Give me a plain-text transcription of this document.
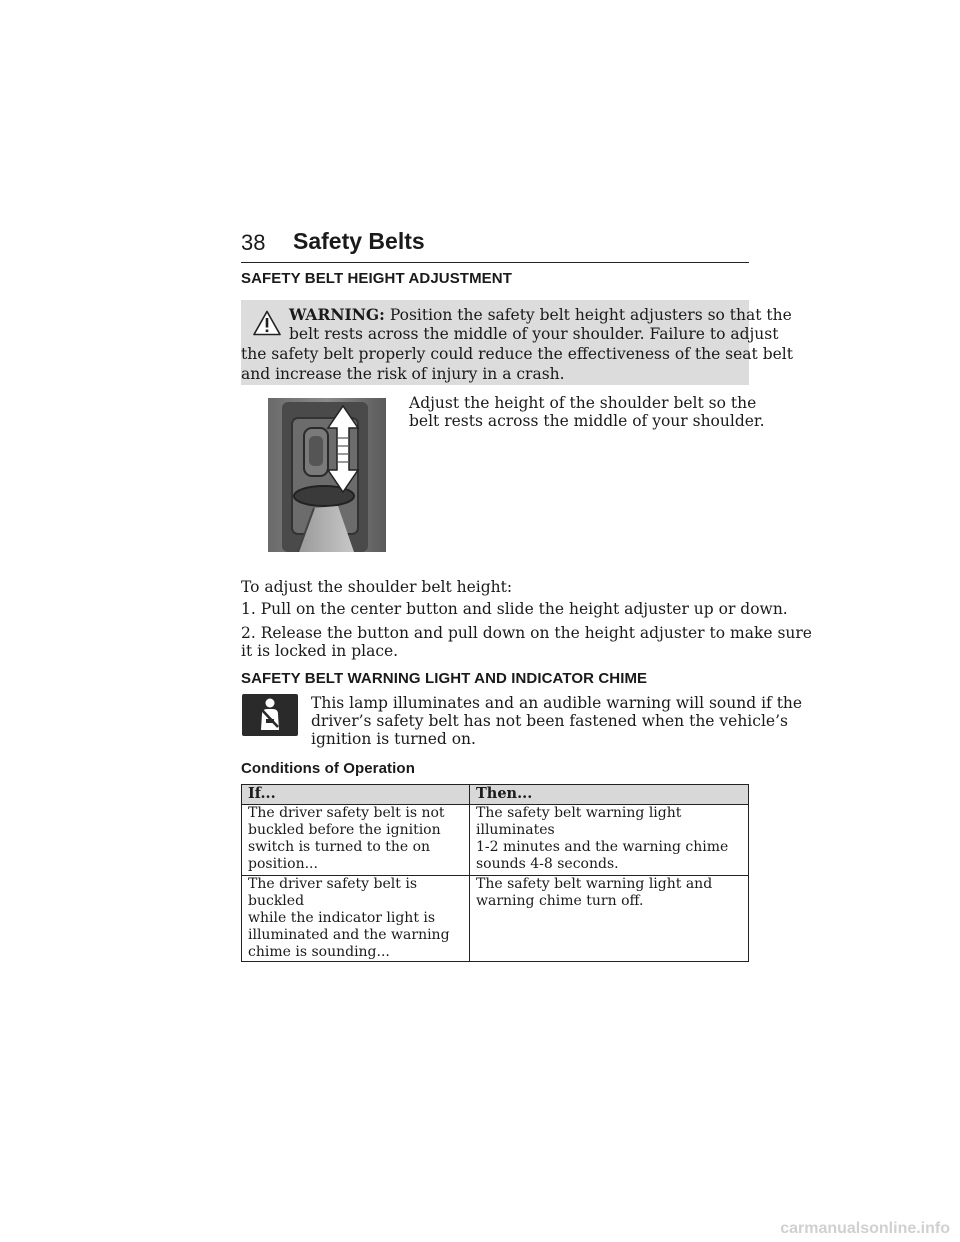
38 Safety Belts
SAFETY BELT HEIGHT ADJUSTMENT
WARNING: Position the safety belt height adjusters so that the
belt rests across the middle of your shoulder. Failure to adjust
the safety belt properly could reduce the effectiveness of the seat belt
and increase the risk of injury in a crash.
Adjust the height of the shoulder belt so the
belt rests across the middle of your shoulder.
To adjust the shoulder belt height:
1. Pull on the center button and slide the height adjuster up or down.
2. Release the button and pull down on the height adjuster to make sure
it is locked in place.
SAFETY BELT WARNING LIGHT AND INDICATOR CHIME
This lamp illuminates and an audible warning will sound if the
driver’s safety belt has not been fastened when the vehicle’s
ignition is turned on.
Conditions of Operation
If...	Then...

The driver safety belt is not
buckled before the ignition
switch is turned to the on
position...	The safety belt warning light illuminates
1-2 minutes and the warning chime
sounds 4-8 seconds.

The driver safety belt is buckled
while the indicator light is
illuminated and the warning
chime is sounding...	The safety belt warning light and
warning chime turn off.
carmanualsonline.info
